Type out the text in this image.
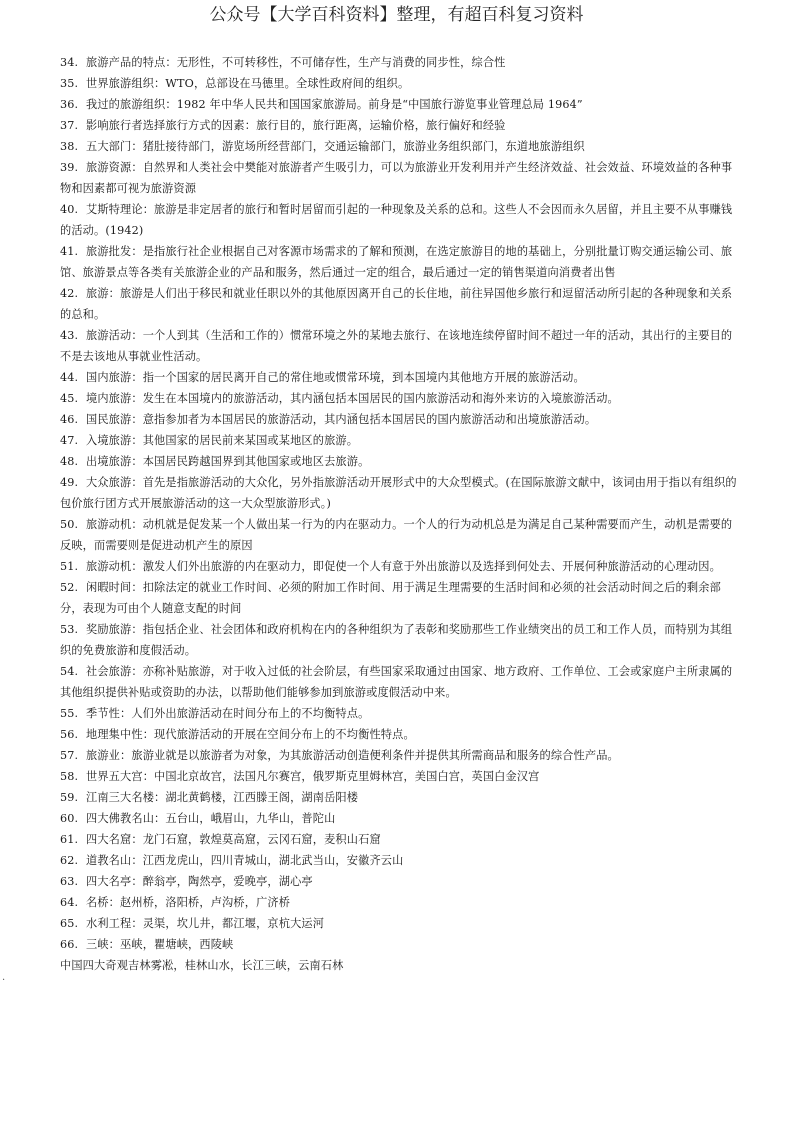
公众号【大学百科资料】整理，有超百科复习资料
34. 旅游产品的特点：无形性，不可转移性，不可储存性，生产与消费的同步性，综合性
35. 世界旅游组织：WTO，总部设在马德里。全球性政府间的组织。
36. 我过的旅游组织：1982 年中华人民共和国国家旅游局。前身是“中国旅行游览事业管理总局 1964”
37. 影响旅行者选择旅行方式的因素：旅行目的，旅行距离，运输价格，旅行偏好和经验
38. 五大部门：猪肚接待部门，游览场所经营部门，交通运输部门，旅游业务组织部门，东道地旅游组织
39. 旅游资源：自然界和人类社会中樊能对旅游者产生吸引力，可以为旅游业开发利用并产生经济效益、社会效益、环境效益的各种事物和因素都可视为旅游资源
40. 艾斯特理论：旅游是非定居者的旅行和暂时居留而引起的一种现象及关系的总和。这些人不会因而永久居留，并且主要不从事赚钱的活动。(1942)
41. 旅游批发：是指旅行社企业根据自己对客源市场需求的了解和预测，在选定旅游目的地的基础上，分别批量订购交通运输公司、旅馆、旅游景点等各类有关旅游企业的产品和服务，然后通过一定的组合，最后通过一定的销售渠道向消费者出售
42. 旅游：旅游是人们出于移民和就业任职以外的其他原因离开自己的长住地，前往异国他乡旅行和逗留活动所引起的各种现象和关系的总和。
43. 旅游活动：一个人到其（生活和工作的）惯常环境之外的某地去旅行、在该地连续停留时间不超过一年的活动，其出行的主要目的不是去该地从事就业性活动。
44. 国内旅游：指一个国家的居民离开自己的常住地或惯常环境，到本国境内其他地方开展的旅游活动。
45. 境内旅游：发生在本国境内的旅游活动，其内涵包括本国居民的国内旅游活动和海外来访的入境旅游活动。
46. 国民旅游：意指参加者为本国居民的旅游活动，其内涵包括本国居民的国内旅游活动和出境旅游活动。
47. 入境旅游：其他国家的居民前来某国或某地区的旅游。
48. 出境旅游：本国居民跨越国界到其他国家或地区去旅游。
49. 大众旅游：首先是指旅游活动的大众化，另外指旅游活动开展形式中的大众型模式。(在国际旅游文献中，该词由用于指以有组织的包价旅行团方式开展旅游活动的这一大众型旅游形式。)
50. 旅游动机：动机就是促发某一个人做出某一行为的内在驱动力。一个人的行为动机总是为满足自己某种需要而产生，动机是需要的反映，而需要则是促进动机产生的原因
51. 旅游动机：激发人们外出旅游的内在驱动力，即促使一个人有意于外出旅游以及选择到何处去、开展何种旅游活动的心理动因。
52. 闲暇时间：扣除法定的就业工作时间、必须的附加工作时间、用于满足生理需要的生活时间和必须的社会活动时间之后的剩余部分，表现为可由个人随意支配的时间
53. 奖励旅游：指包括企业、社会团体和政府机构在内的各种组织为了表彰和奖励那些工作业绩突出的员工和工作人员，而特别为其组织的免费旅游和度假活动。
54. 社会旅游：亦称补贴旅游，对于收入过低的社会阶层，有些国家采取通过由国家、地方政府、工作单位、工会或家庭户主所隶属的其他组织提供补贴或资助的办法，以帮助他们能够参加到旅游或度假活动中来。
55. 季节性：人们外出旅游活动在时间分布上的不均衡特点。
56. 地理集中性：现代旅游活动的开展在空间分布上的不均衡性特点。
57. 旅游业：旅游业就是以旅游者为对象，为其旅游活动创造便利条件并提供其所需商品和服务的综合性产品。
58. 世界五大宫：中国北京故宫，法国凡尔赛宫，俄罗斯克里姆林宫，美国白宫，英国白金汉宫
59. 江南三大名楼：湖北黄鹤楼，江西滕王阁，湖南岳阳楼
60. 四大佛教名山：五台山，峨眉山，九华山，普陀山
61. 四大名窟：龙门石窟，敦煌莫高窟，云冈石窟，麦积山石窟
62. 道教名山：江西龙虎山，四川青城山，湖北武当山，安徽齐云山
63. 四大名亭：醉翁亭，陶然亭，爱晚亭，湖心亭
64. 名桥：赵州桥，洛阳桥，卢沟桥，广济桥
65. 水利工程：灵渠，坎儿井，都江堰，京杭大运河
66. 三峡：巫峡，瞿塘峡，西陵峡
中国四大奇观吉林雾凇，桂林山水，长江三峡，云南石林
.
